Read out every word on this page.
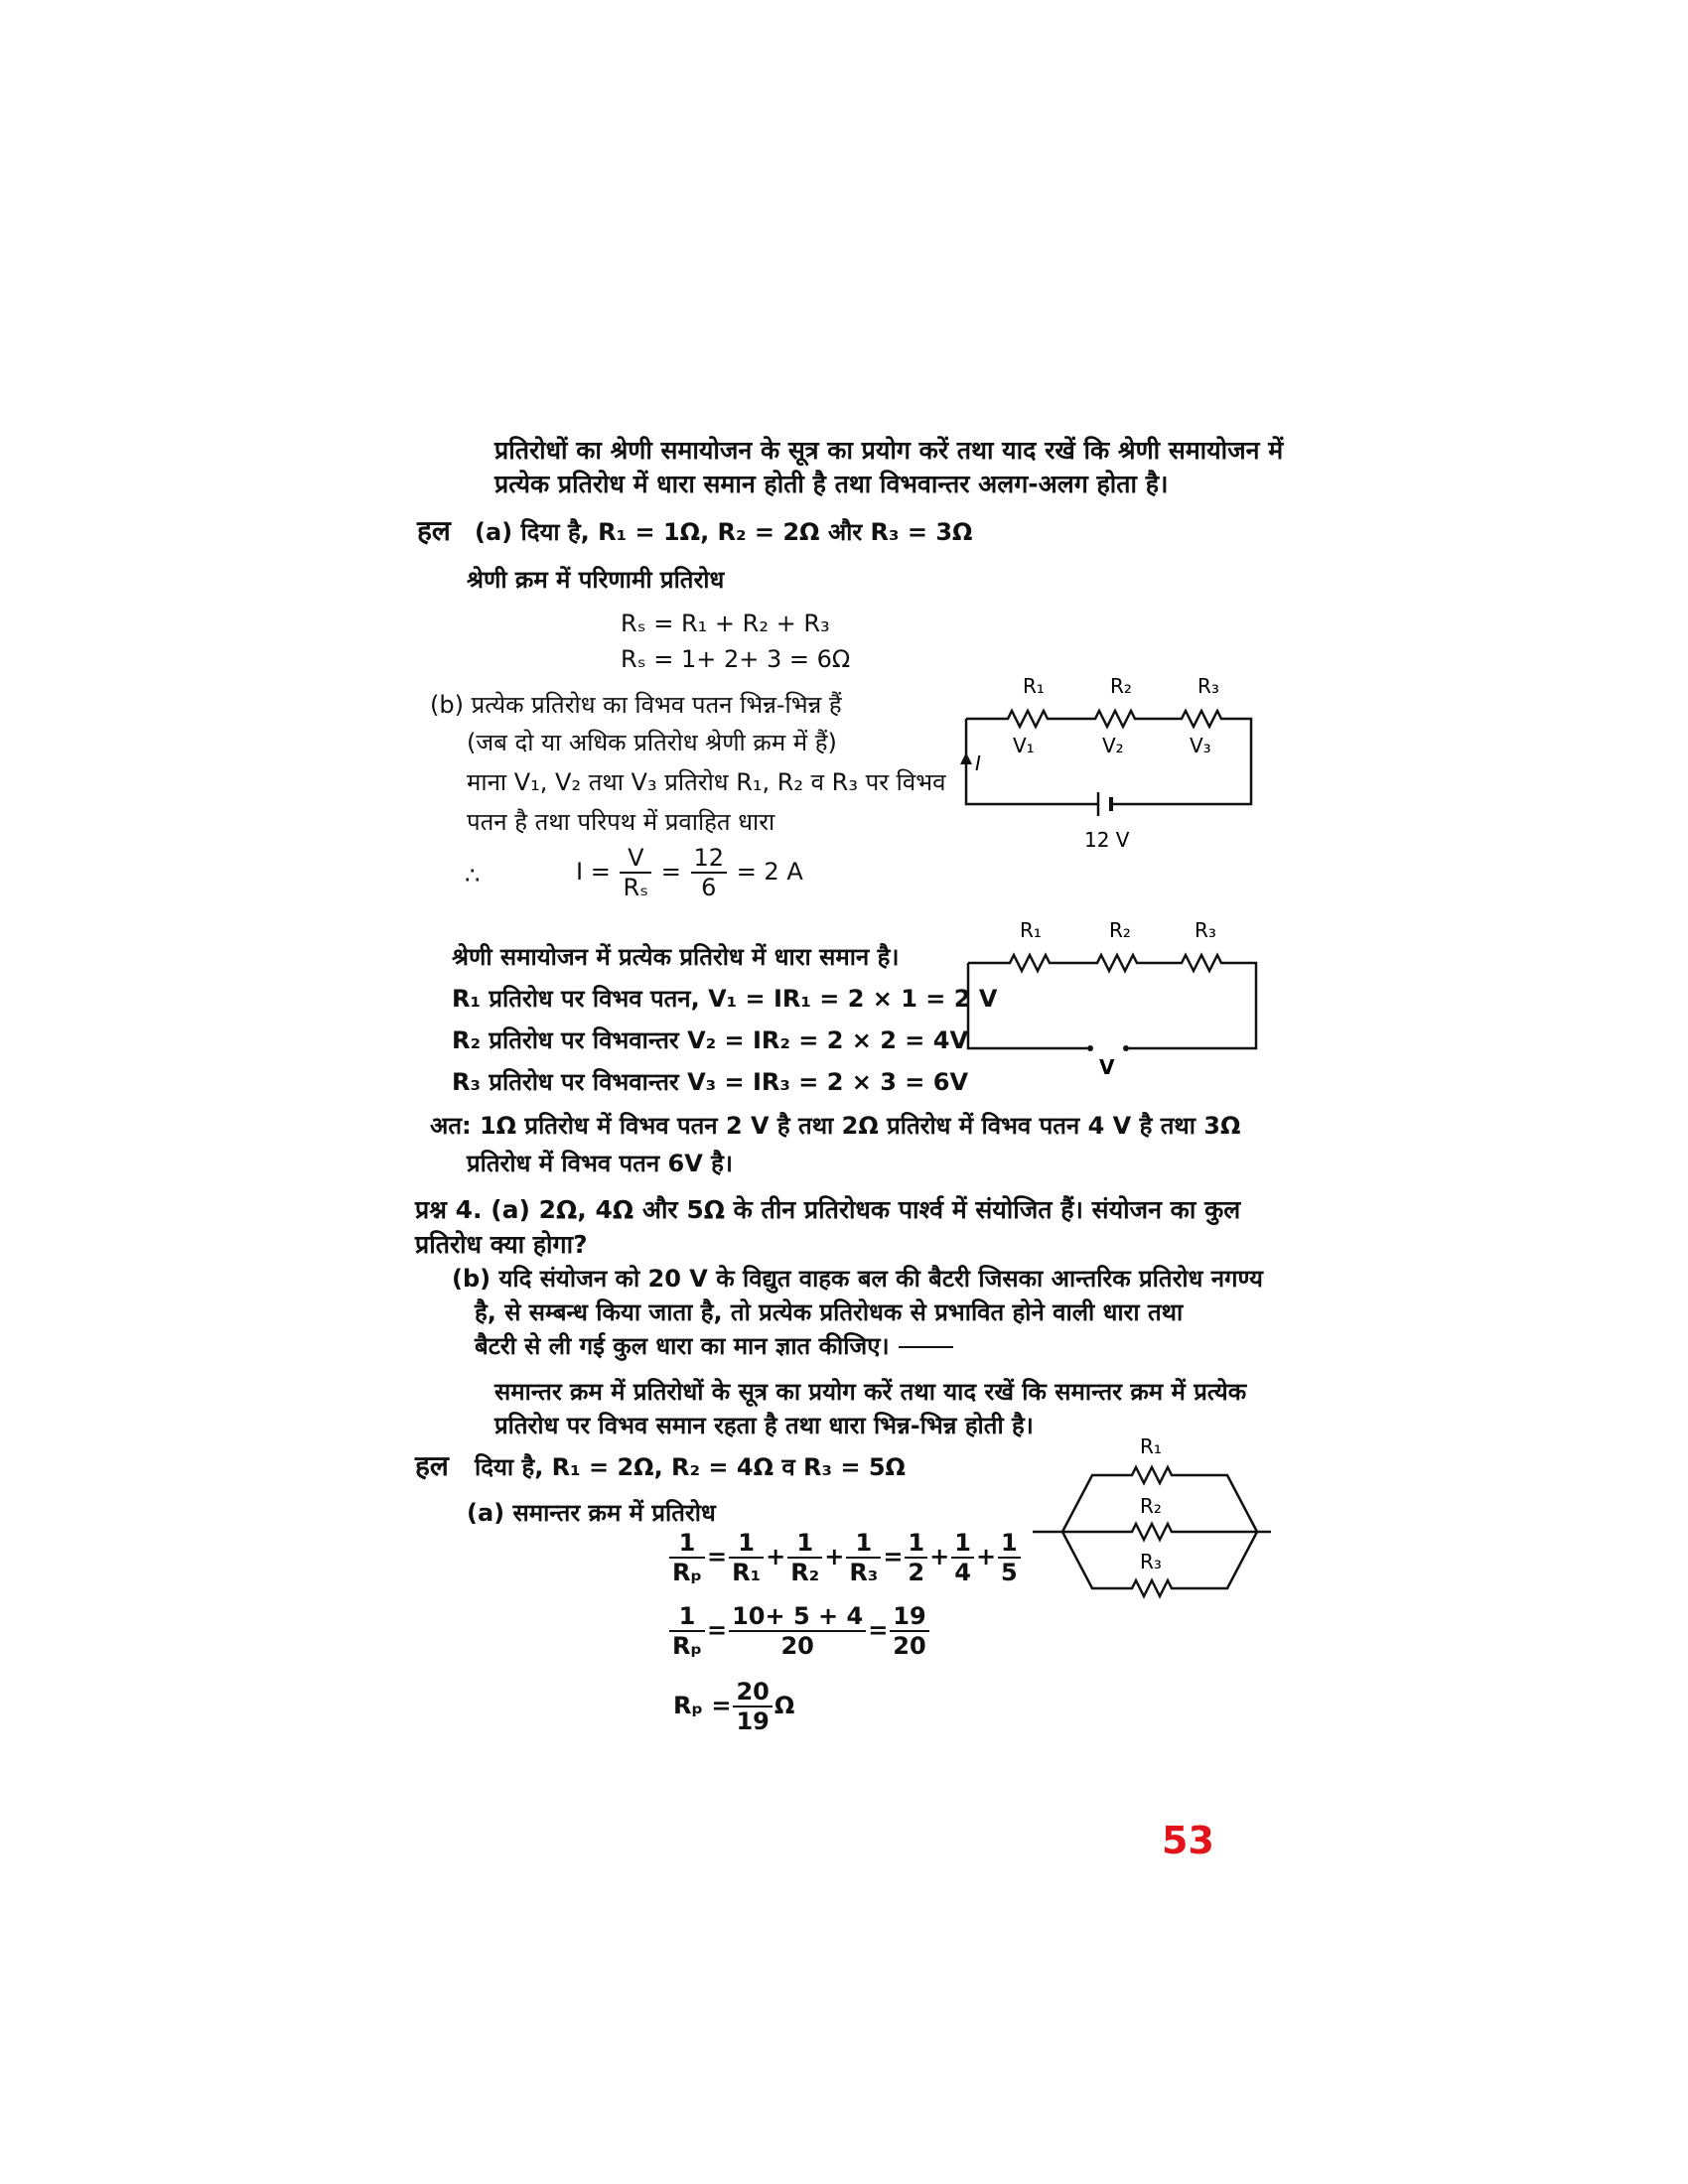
प्रतिरोधों का श्रेणी समायोजन के सूत्र का प्रयोग करें तथा याद रखें कि श्रेणी समायोजन में
प्रत्येक प्रतिरोध में धारा समान होती है तथा विभवान्तर अलग-अलग होता है।
हल (a) दिया है, R₁ = 1Ω, R₂ = 2Ω और R₃ = 3Ω
श्रेणी क्रम में परिणामी प्रतिरोध
Rₛ = R₁ + R₂ + R₃
Rₛ = 1+ 2+ 3 = 6Ω
(b) प्रत्येक प्रतिरोध का विभव पतन भिन्न-भिन्न हैं
(जब दो या अधिक प्रतिरोध श्रेणी क्रम में हैं)
माना V₁, V₂ तथा V₃ प्रतिरोध R₁, R₂ व R₃ पर विभव
पतन है तथा परिपथ में प्रवाहित धारा
∴	$I = \frac{V}{\text{Rₛ}} = \frac{12}{6} = 2$ A
श्रेणी समायोजन में प्रत्येक प्रतिरोध में धारा समान है।
R₁ प्रतिरोध पर विभव पतन, V₁ = IR₁ = 2 × 1 = 2 V
R₂ प्रतिरोध पर विभवान्तर V₂ = IR₂ = 2 × 2 = 4V
R₃ प्रतिरोध पर विभवान्तर V₃ = IR₃ = 2 × 3 = 6V
अत: 1Ω प्रतिरोध में विभव पतन 2 V है तथा 2Ω प्रतिरोध में विभव पतन 4 V है तथा 3Ω
प्रतिरोध में विभव पतन 6V है।
R₁	R₂	R₃
V₁	V₂	V₃
I
12 V
R₁	R₂	R₃
V
प्रश्न 4. (a) 2Ω, 4Ω और 5Ω के तीन प्रतिरोधक पार्श्व में संयोजित हैं। संयोजन का कुल
प्रतिरोध क्या होगा?
(b) यदि संयोजन को 20 V के विद्युत वाहक बल की बैटरी जिसका आन्तरिक प्रतिरोध नगण्य
है, से सम्बन्ध किया जाता है, तो प्रत्येक प्रतिरोधक से प्रभावित होने वाली धारा तथा
बैटरी से ली गई कुल धारा का मान ज्ञात कीजिए।
समान्तर क्रम में प्रतिरोधों के सूत्र का प्रयोग करें तथा याद रखें कि समान्तर क्रम में प्रत्येक
प्रतिरोध पर विभव समान रहता है तथा धारा भिन्न-भिन्न होती है।
हल दिया है, R₁ = 2Ω, R₂ = 4Ω व R₃ = 5Ω
(a) समान्तर क्रम में प्रतिरोध
$\frac{1}{\text{Rₚ}} = \frac{1}{\text{R₁}} + \frac{1}{\text{R₂}} + \frac{1}{\text{R₃}} = \frac{1}{2} + \frac{1}{4} + \frac{1}{5}$
$\frac{1}{\text{Rₚ}} = \frac{10+ 5 + 4}{20} = \frac{19}{20}$
$R_p = \frac{20}{19}$ Ω
R₁
R₂
R₃
53
